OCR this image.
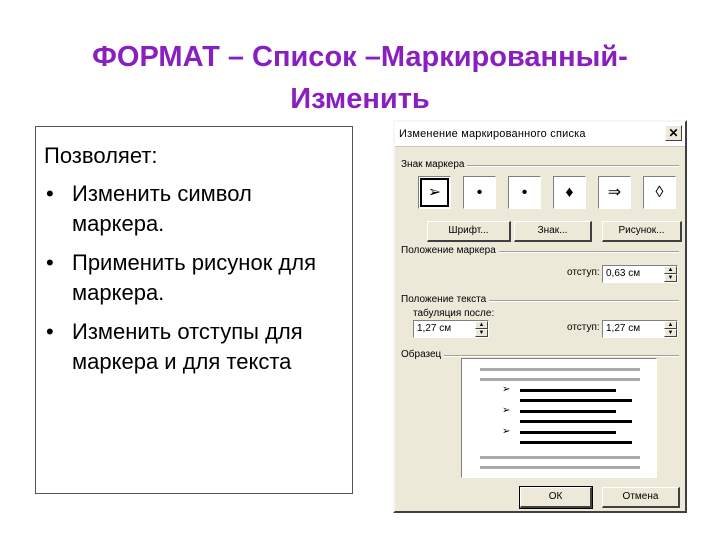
ФОРМАТ – Список –Маркированный-
Изменить

Позволяет:

• Изменить символ маркера.
• Применить рисунок для маркера.
• Изменить отступы для маркера и для текста
Изменение маркированного списка	✕
Знак маркера
➢	•	•	♦	⇒	◊
Шрифт...	Знак...	Рисунок...
Положение маркера
отступ: 0,63 см	▲
▼
Положение текста
табуляция после:
1,27 см	▲
▼	отступ: 1,27 см	▲
▼
Образец
➢
➢
➢
ОК	Отмена
